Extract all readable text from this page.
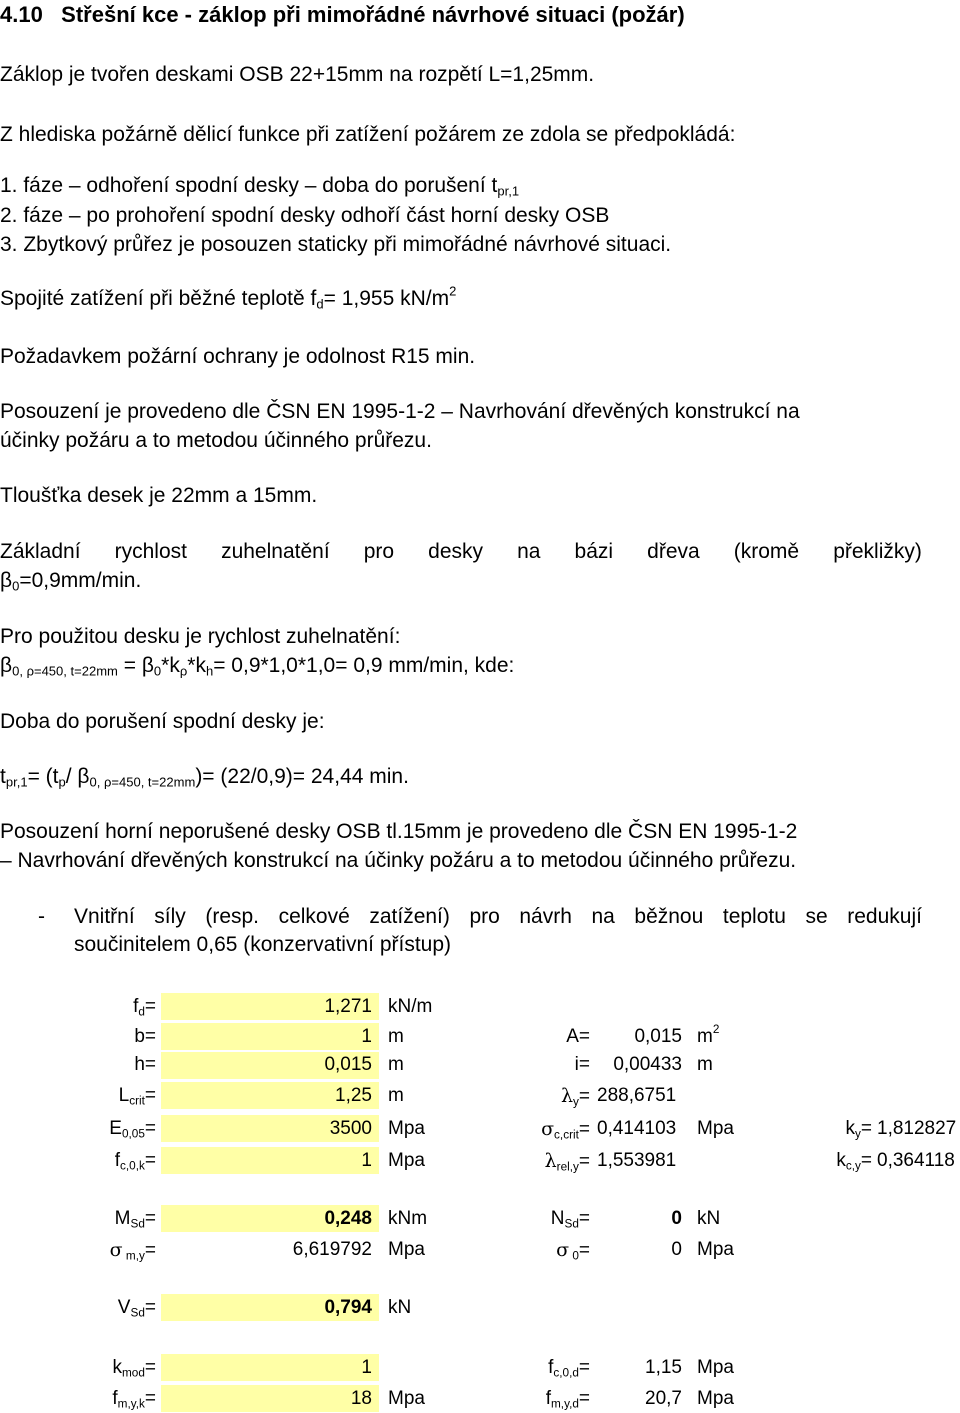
4.10 Střešní kce - záklop při mimořádné návrhové situaci (požár)
Záklop je tvořen deskami OSB 22+15mm na rozpětí L=1,25mm.
Z hlediska požárně dělicí funkce při zatížení požárem ze zdola se předpokládá:
1. fáze – odhoření spodní desky – doba do porušení $t_{pr,1}$
2. fáze – po prohoření spodní desky odhoří část horní desky OSB
3. Zbytkový průřez je posouzen staticky při mimořádné návrhové situaci.
Spojité zatížení při běžné teplotě $f_d= 1,955$ $kN/m^2$
Požadavkem požární ochrany je odolnost R15 min.
Posouzení je provedeno dle ČSN EN 1995-1-2 – Navrhování dřevěných konstrukcí na
účinky požáru a to metodou účinného průřezu.
Tloušťka desek je 22mm a 15mm.
Základní rychlost zuhelnatění pro desky na bázi dřeva (kromě překližky)
$\beta_0=0,9mm/\min$.
Pro použitou desku je rychlost zuhelnatění:
$\beta_{0, \rho=450, t=22mm} = \beta_0*k_\rho*k_h= 0,9*1,0*1,0= 0,9$ mm/min, kde:
Doba do porušení spodní desky je:
$t_{pr,1}= (t_p/$ $\beta_{0, \rho=450, t=22mm})= (22/0,9)= 24,44$ min.
Posouzení horní neporušené desky OSB tl.15mm je provedeno dle ČSN EN 1995-1-2
– Navrhování dřevěných konstrukcí na účinky požáru a to metodou účinného průřezu.
- Vnitřní síly (resp. celkové zatížení) pro návrh na běžnou teplotu se redukují
součinitelem 0,65 (konzervativní přístup)
$f_d=$	1,271 kN/m
b=	1 m	A=	0,015 $m^2$
h=	0,015 m	i=	0,00433 m
$L_{crit}=$	1,25 m	$\lambda_y= 288,6751$
$E_{0,05}=$	3500 Mpa	$\sigma_{c,crit}= 0,414103$ Mpa	$k_y= 1,812827$
$f_{c,0,k}=$	1 Mpa	$\lambda_{rel,y}= 1,553981$	$k_{c,y}= 0,364118$
$M_{Sd}=$	0,248 kNm	$N_{Sd}=$	0 kN
σ $_{m,y}$=	6,619792 Mpa	σ $_0$=	0 Mpa
$V_{Sd}=$	0,794 kN
$k_{mod}=$	1	$f_{c,0,d}=$	1,15 Mpa
$f_{m,y,k}=$	18 Mpa	$f_{m,y,d}=$	20,7 Mpa
